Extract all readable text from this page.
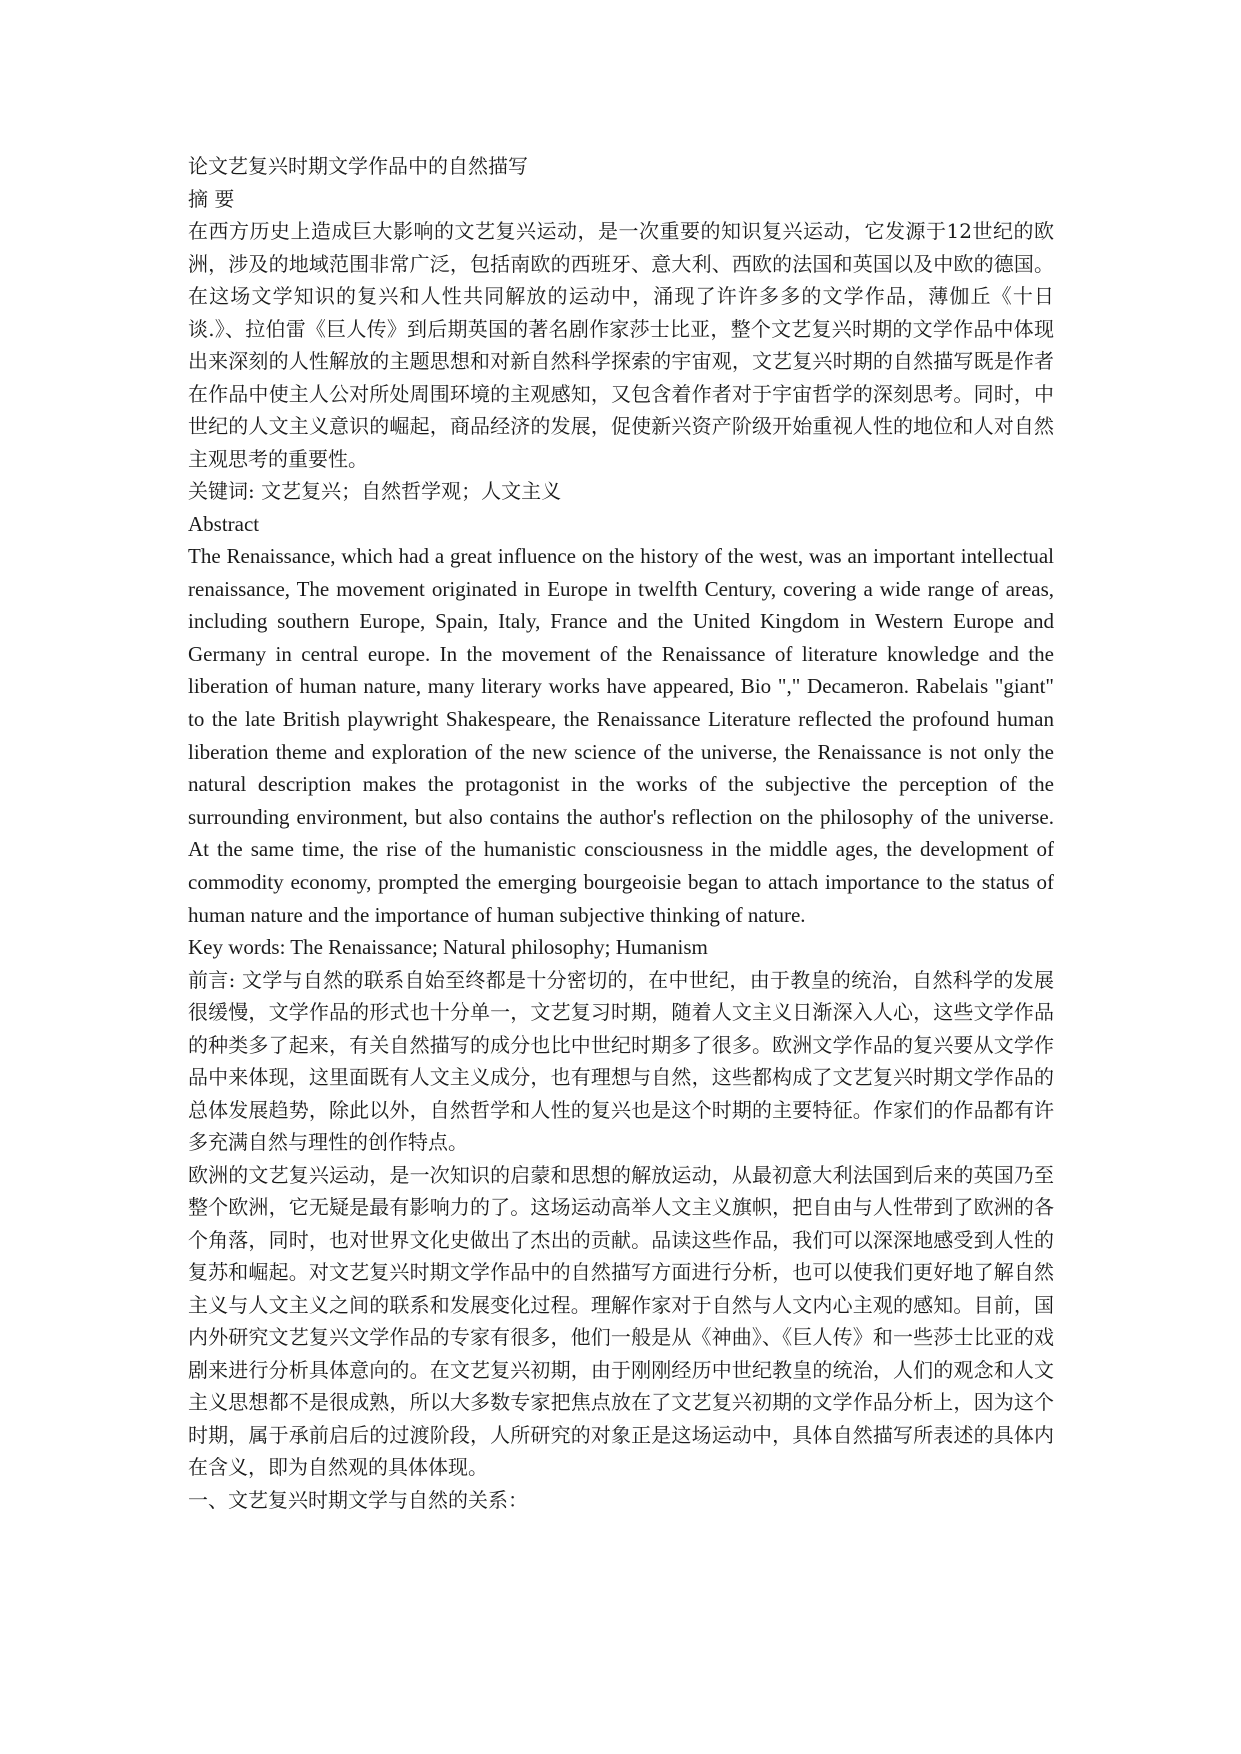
论文艺复兴时期文学作品中的自然描写
摘 要

在西方历史上造成巨大影响的文艺复兴运动，是一次重要的知识复兴运动，它发源于12世纪的欧洲，涉及的地域范围非常广泛，包括南欧的西班牙、意大利、西欧的法国和英国以及中欧的德国。在这场文学知识的复兴和人性共同解放的运动中，涌现了许许多多的文学作品，薄伽丘《十日谈.》、拉伯雷《巨人传》到后期英国的著名剧作家莎士比亚，整个文艺复兴时期的文学作品中体现出来深刻的人性解放的主题思想和对新自然科学探索的宇宙观，文艺复兴时期的自然描写既是作者在作品中使主人公对所处周围环境的主观感知，又包含着作者对于宇宙哲学的深刻思考。同时，中世纪的人文主义意识的崛起，商品经济的发展，促使新兴资产阶级开始重视人性的地位和人对自然主观思考的重要性。

关键词: 文艺复兴；自然哲学观；人文主义
Abstract

The Renaissance, which had a great influence on the history of the west, was an important intellectual renaissance, The movement originated in Europe in twelfth Century, covering a wide range of areas, including southern Europe, Spain, Italy, France and the United Kingdom in Western Europe and Germany in central europe. In the movement of the Renaissance of literature knowledge and the liberation of human nature, many literary works have appeared, Bio "," Decameron. Rabelais "giant" to the late British playwright Shakespeare, the Renaissance Literature reflected the profound human liberation theme and exploration of the new science of the universe, the Renaissance is not only the natural description makes the protagonist in the works of the subjective the perception of the surrounding environment, but also contains the author's reflection on the philosophy of the universe. At the same time, the rise of the humanistic consciousness in the middle ages, the development of commodity economy, prompted the emerging bourgeoisie began to attach importance to the status of human nature and the importance of human subjective thinking of nature.

Key words: The Renaissance; Natural philosophy; Humanism

前言: 文学与自然的联系自始至终都是十分密切的，在中世纪，由于教皇的统治，自然科学的发展很缓慢，文学作品的形式也十分单一，文艺复习时期，随着人文主义日渐深入人心，这些文学作品的种类多了起来，有关自然描写的成分也比中世纪时期多了很多。欧洲文学作品的复兴要从文学作品中来体现，这里面既有人文主义成分，也有理想与自然，这些都构成了文艺复兴时期文学作品的总体发展趋势，除此以外，自然哲学和人性的复兴也是这个时期的主要特征。作家们的作品都有许多充满自然与理性的创作特点。

欧洲的文艺复兴运动，是一次知识的启蒙和思想的解放运动，从最初意大利法国到后来的英国乃至整个欧洲，它无疑是最有影响力的了。这场运动高举人文主义旗帜，把自由与人性带到了欧洲的各个角落，同时，也对世界文化史做出了杰出的贡献。品读这些作品，我们可以深深地感受到人性的复苏和崛起。对文艺复兴时期文学作品中的自然描写方面进行分析，也可以使我们更好地了解自然主义与人文主义之间的联系和发展变化过程。理解作家对于自然与人文内心主观的感知。目前，国内外研究文艺复兴文学作品的专家有很多，他们一般是从《神曲》、《巨人传》和一些莎士比亚的戏剧来进行分析具体意向的。在文艺复兴初期，由于刚刚经历中世纪教皇的统治，人们的观念和人文主义思想都不是很成熟，所以大多数专家把焦点放在了文艺复兴初期的文学作品分析上，因为这个时期，属于承前启后的过渡阶段，人所研究的对象正是这场运动中，具体自然描写所表述的具体内在含义，即为自然观的具体体现。

一、文艺复兴时期文学与自然的关系：
